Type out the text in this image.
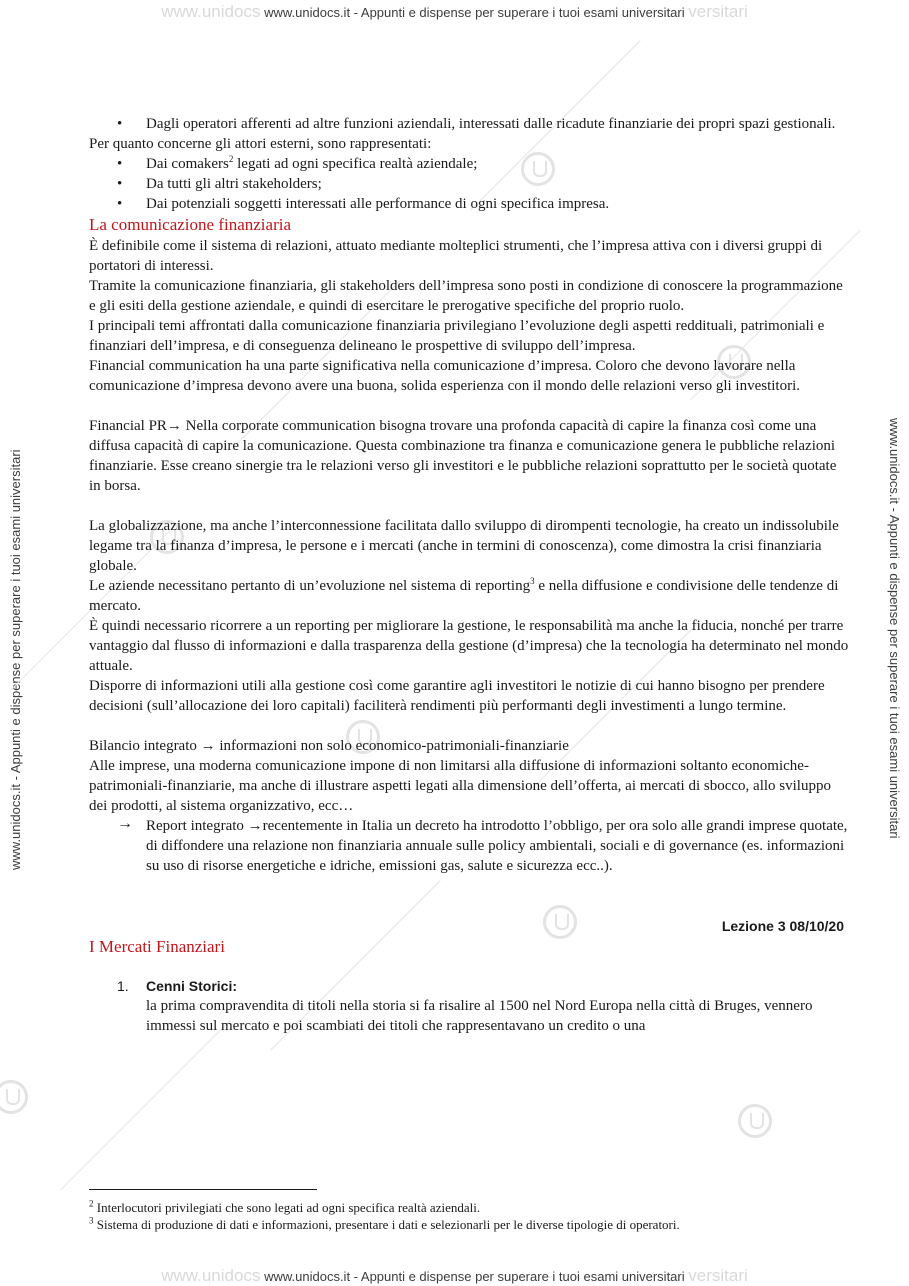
www.unidocs www.unidocs.it - Appunti e dispense per superare i tuoi esami universitari versitari
www.unidocs www.unidocs.it - Appunti e dispense per superare i tuoi esami universitari versitari
www.unidocs.it - Appunti e dispense per superare i tuoi esami universitari	www.unidocs.it - Appunti e dispense per superare i tuoi esami universitari

• Dagli operatori afferenti ad altre funzioni aziendali, interessati dalle ricadute finanziarie dei propri spazi gestionali.

Per quanto concerne gli attori esterni, sono rappresentati:

• Dai comakers$^2$ legati ad ogni specifica realtà aziendale;

• Da tutti gli altri stakeholders;

• Dai potenziali soggetti interessati alle performance di ogni specifica impresa.

La comunicazione finanziaria

È definibile come il sistema di relazioni, attuato mediante molteplici strumenti, che l’impresa attiva con i diversi gruppi di portatori di interessi.

Tramite la comunicazione finanziaria, gli stakeholders dell’impresa sono posti in condizione di conoscere la programmazione e gli esiti della gestione aziendale, e quindi di esercitare le prerogative specifiche del proprio ruolo.

I principali temi affrontati dalla comunicazione finanziaria privilegiano l’evoluzione degli aspetti reddituali, patrimoniali e finanziari dell’impresa, e di conseguenza delineano le prospettive di sviluppo dell’impresa.

Financial communication ha una parte significativa nella comunicazione d’impresa. Coloro che devono lavorare nella comunicazione d’impresa devono avere una buona, solida esperienza con il mondo delle relazioni verso gli investitori.

Financial PR→ Nella corporate communication bisogna trovare una profonda capacità di capire la finanza così come una diffusa capacità di capire la comunicazione. Questa combinazione tra finanza e comunicazione genera le pubbliche relazioni finanziarie. Esse creano sinergie tra le relazioni verso gli investitori e le pubbliche relazioni soprattutto per le società quotate in borsa.

La globalizzazione, ma anche l’interconnessione facilitata dallo sviluppo di dirompenti tecnologie, ha creato un indissolubile legame tra la finanza d’impresa, le persone e i mercati (anche in termini di conoscenza), come dimostra la crisi finanziaria globale.

Le aziende necessitano pertanto di un’evoluzione nel sistema di reporting$^3$ e nella diffusione e condivisione delle tendenze di mercato.

È quindi necessario ricorrere a un reporting per migliorare la gestione, le responsabilità ma anche la fiducia, nonché per trarre vantaggio dal flusso di informazioni e dalla trasparenza della gestione (d’impresa) che la tecnologia ha determinato nel mondo attuale.

Disporre di informazioni utili alla gestione così come garantire agli investitori le notizie di cui hanno bisogno per prendere decisioni (sull’allocazione dei loro capitali) faciliterà rendimenti più performanti degli investimenti a lungo termine.

Bilancio integrato → informazioni non solo economico-patrimoniali-finanziarie

Alle imprese, una moderna comunicazione impone di non limitarsi alla diffusione di informazioni soltanto economiche-patrimoniali-finanziarie, ma anche di illustrare aspetti legati alla dimensione dell’offerta, ai mercati di sbocco, allo sviluppo dei prodotti, al sistema organizzativo, ecc…

→ Report integrato →recentemente in Italia un decreto ha introdotto l’obbligo, per ora solo alle grandi imprese quotate, di diffondere una relazione non finanziaria annuale sulle policy ambientali, sociali e di governance (es. informazioni su uso di risorse energetiche e idriche, emissioni gas, salute e sicurezza ecc..).

Lezione 3 08/10/20

I Mercati Finanziari
1. Cenni Storici:

la prima compravendita di titoli nella storia si fa risalire al 1500 nel Nord Europa nella città di Bruges, vennero immessi sul mercato e poi scambiati dei titoli che rappresentavano un credito o una

$^2$ Interlocutori privilegiati che sono legati ad ogni specifica realtà aziendali.

$^3$ Sistema di produzione di dati e informazioni, presentare i dati e selezionarli per le diverse tipologie di operatori.
